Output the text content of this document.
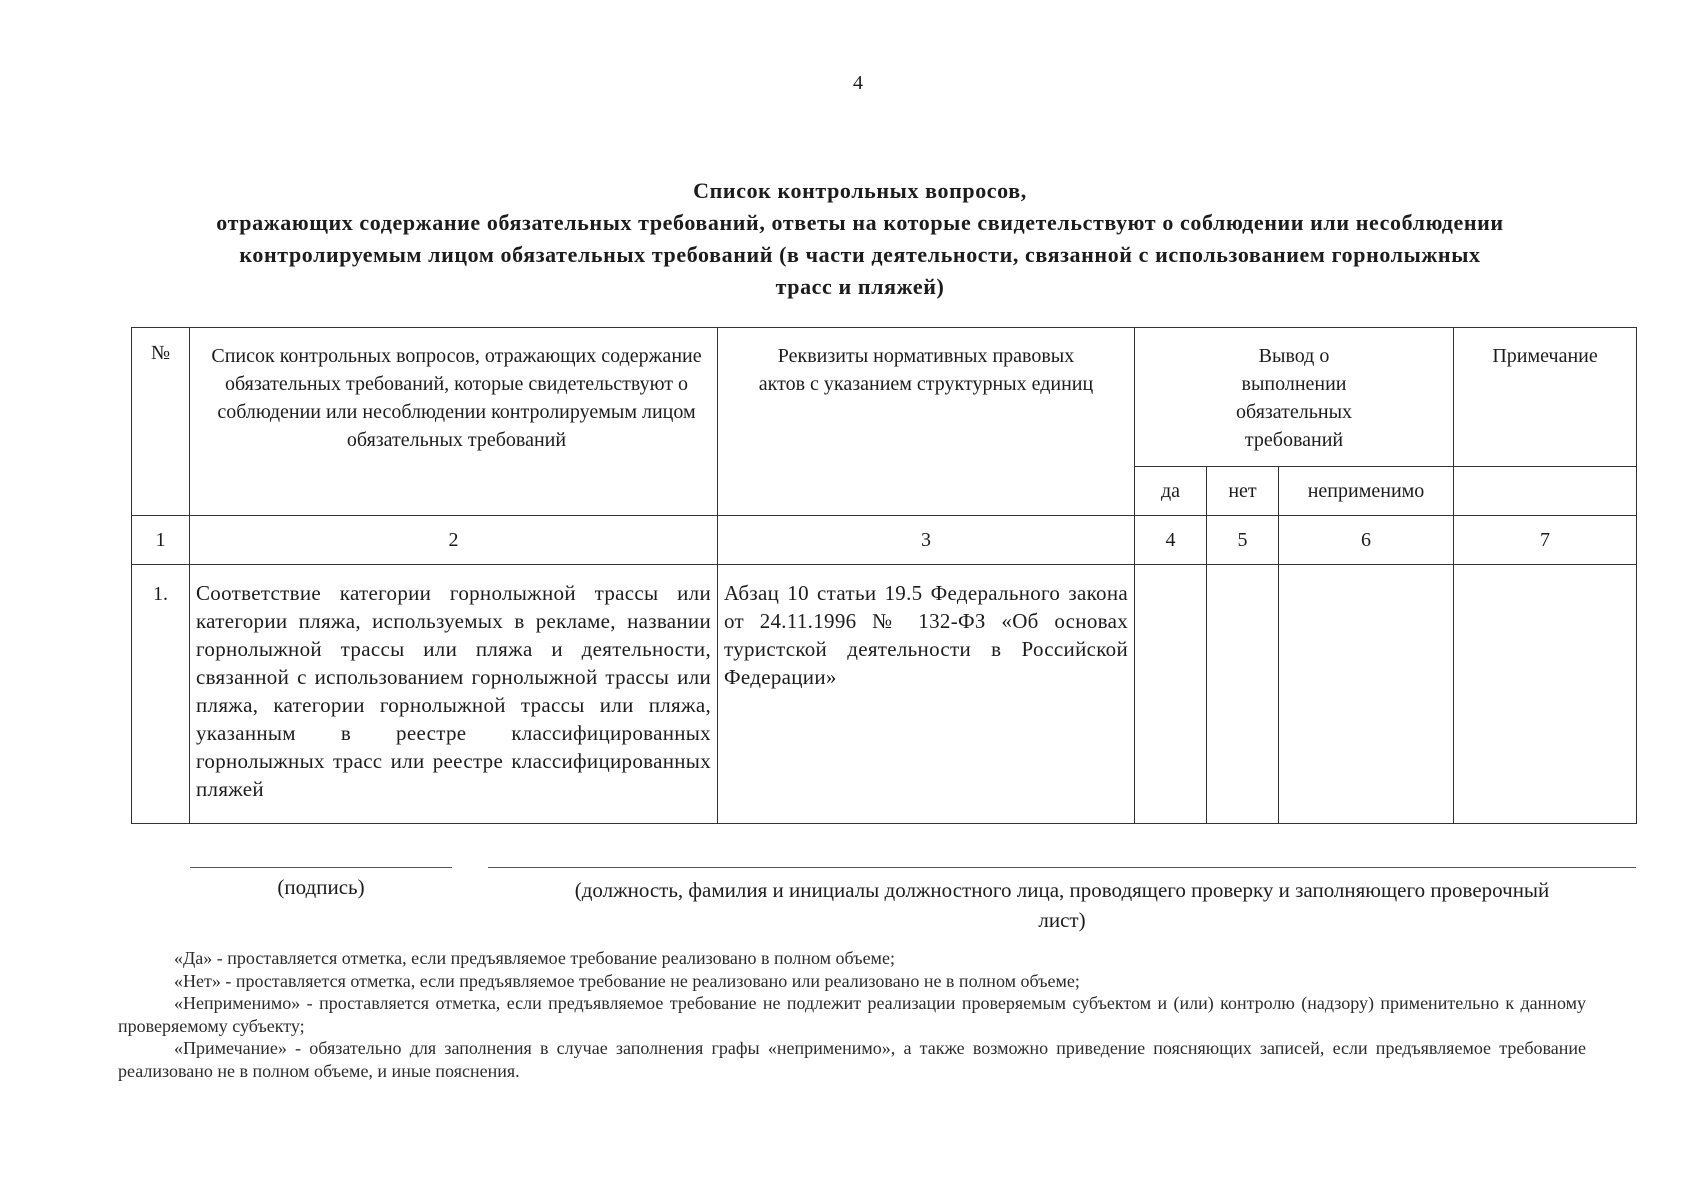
4
Список контрольных вопросов,
отражающих содержание обязательных требований, ответы на которые свидетельствуют о соблюдении или несоблюдении
контролируемым лицом обязательных требований (в части деятельности, связанной с использованием горнолыжных
трасс и пляжей)
№	Список контрольных вопросов, отражающих содержание обязательных требований, которые свидетельствуют о соблюдении или несоблюдении контролируемым лицом обязательных требований	Реквизиты нормативных правовых актов с указанием структурных единиц	Вывод о выполнении обязательных требований			Примечание
			да	нет	неприменимо	
1	2	3	4	5	6	7
1.	Соответствие категории горнолыжной трассы или категории пляжа, используемых в рекламе, названии горнолыжной трассы или пляжа и деятельности, связанной с использованием горнолыжной трассы или пляжа, категории горнолыжной трассы или пляжа, указанным в реестре классифицированных горнолыжных трасс или реестре классифицированных пляжей	Абзац 10 статьи 19.5 Федерального закона от 24.11.1996 № 132-ФЗ «Об основах туристской деятельности в Российской Федерации»				
(подпись)	(должность, фамилия и инициалы должностного лица, проводящего проверку и заполняющего проверочный
лист)

«Да» - проставляется отметка, если предъявляемое требование реализовано в полном объеме;

«Нет» - проставляется отметка, если предъявляемое требование не реализовано или реализовано не в полном объеме;

«Неприменимо» - проставляется отметка, если предъявляемое требование не подлежит реализации проверяемым субъектом и (или) контролю (надзору) применительно к данному проверяемому субъекту;

«Примечание» - обязательно для заполнения в случае заполнения графы «неприменимо», а также возможно приведение поясняющих записей, если предъявляемое требование реализовано не в полном объеме, и иные пояснения.
